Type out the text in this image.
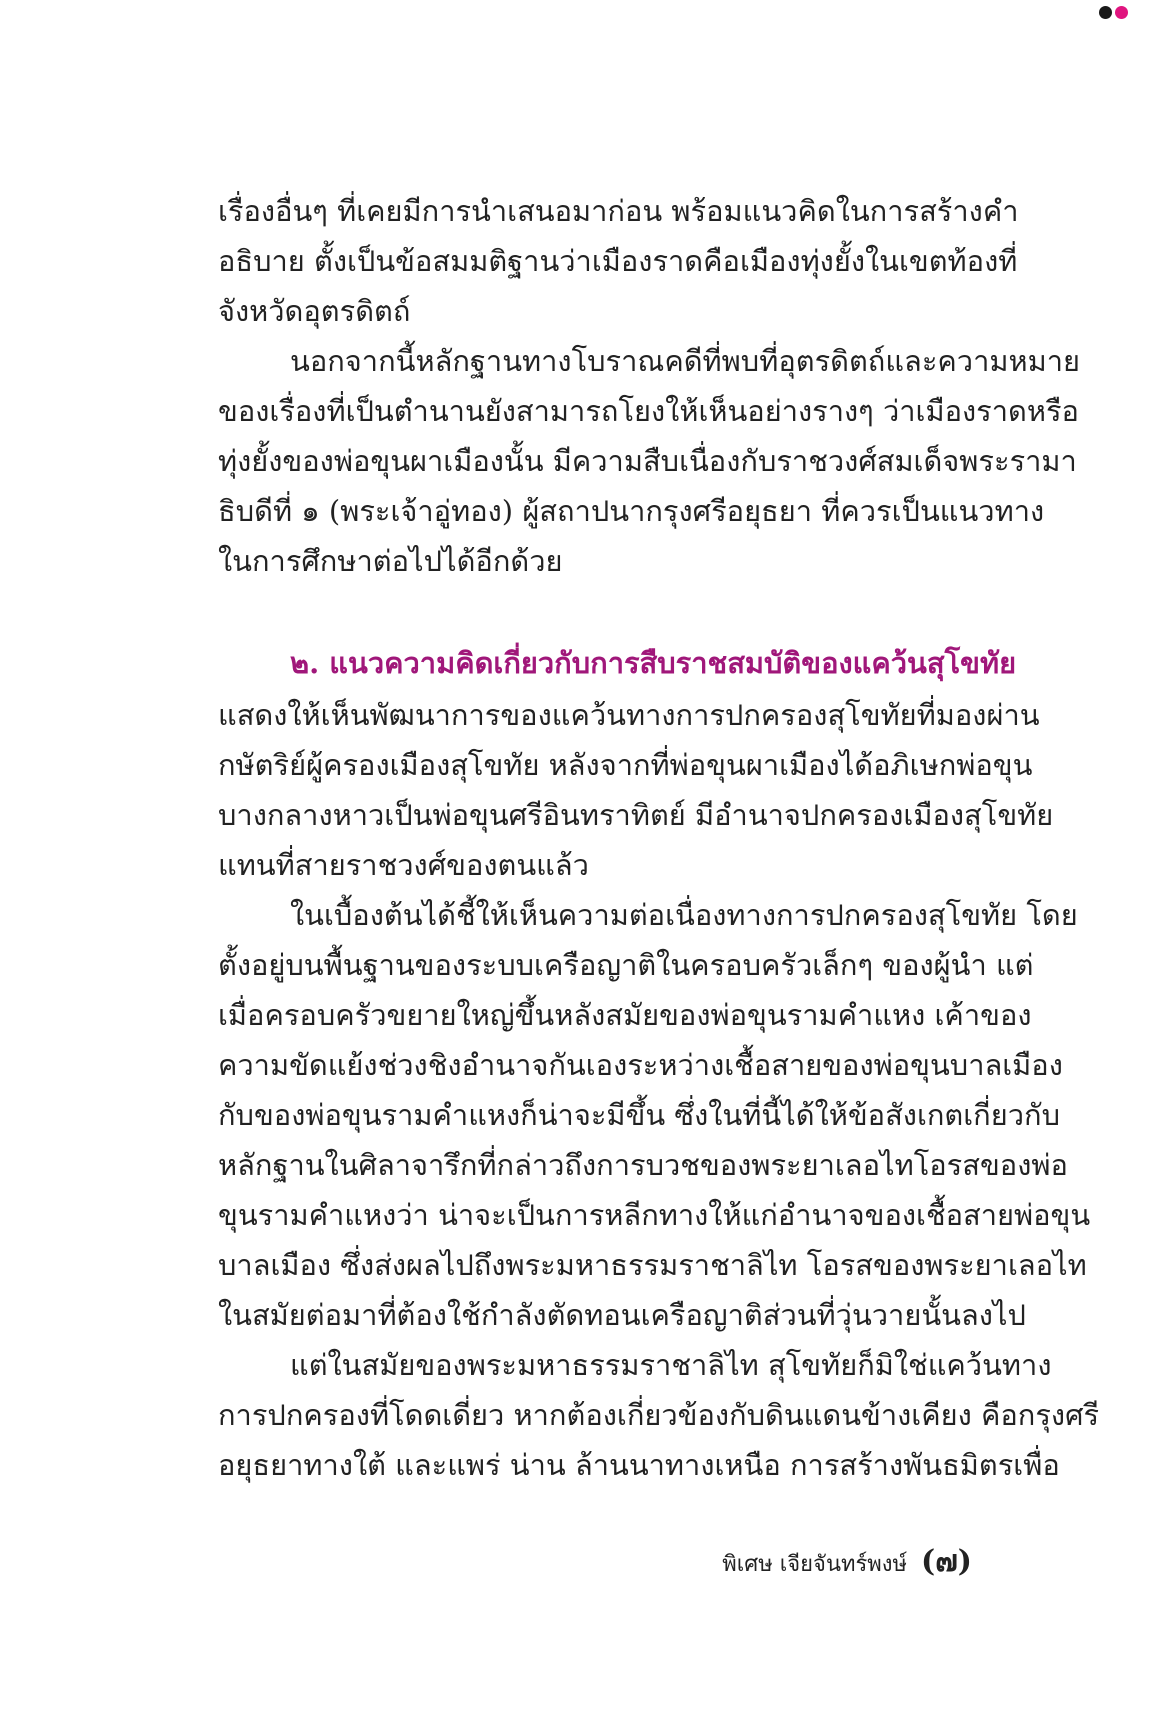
เรื่องอื่นๆ ที่เคยมีการนำเสนอมาก่อน พร้อมแนวคิดในการสร้างคำ
อธิบาย ตั้งเป็นข้อสมมติฐานว่าเมืองราดคือเมืองทุ่งยั้งในเขตท้องที่
จังหวัดอุตรดิตถ์
นอกจากนี้หลักฐานทางโบราณคดีที่พบที่อุตรดิตถ์และความหมาย
ของเรื่องที่เป็นตำนานยังสามารถโยงให้เห็นอย่างรางๆ ว่าเมืองราดหรือ
ทุ่งยั้งของพ่อขุนผาเมืองนั้น มีความสืบเนื่องกับราชวงศ์สมเด็จพระรามา
ธิบดีที่ ๑ (พระเจ้าอู่ทอง) ผู้สถาปนากรุงศรีอยุธยา ที่ควรเป็นแนวทาง
ในการศึกษาต่อไปได้อีกด้วย
๒. แนวความคิดเกี่ยวกับการสืบราชสมบัติของแคว้นสุโขทัย
แสดงให้เห็นพัฒนาการของแคว้นทางการปกครองสุโขทัยที่มองผ่าน
กษัตริย์ผู้ครองเมืองสุโขทัย หลังจากที่พ่อขุนผาเมืองได้อภิเษกพ่อขุน
บางกลางหาวเป็นพ่อขุนศรีอินทราทิตย์ มีอำนาจปกครองเมืองสุโขทัย
แทนที่สายราชวงศ์ของตนแล้ว
ในเบื้องต้นได้ชี้ให้เห็นความต่อเนื่องทางการปกครองสุโขทัย โดย
ตั้งอยู่บนพื้นฐานของระบบเครือญาติในครอบครัวเล็กๆ ของผู้นำ แต่
เมื่อครอบครัวขยายใหญ่ขึ้นหลังสมัยของพ่อขุนรามคำแหง เค้าของ
ความขัดแย้งช่วงชิงอำนาจกันเองระหว่างเชื้อสายของพ่อขุนบาลเมือง
กับของพ่อขุนรามคำแหงก็น่าจะมีขึ้น ซึ่งในที่นี้ได้ให้ข้อสังเกตเกี่ยวกับ
หลักฐานในศิลาจารึกที่กล่าวถึงการบวชของพระยาเลอไทโอรสของพ่อ
ขุนรามคำแหงว่า น่าจะเป็นการหลีกทางให้แก่อำนาจของเชื้อสายพ่อขุน
บาลเมือง ซึ่งส่งผลไปถึงพระมหาธรรมราชาลิไท โอรสของพระยาเลอไท
ในสมัยต่อมาที่ต้องใช้กำลังตัดทอนเครือญาติส่วนที่วุ่นวายนั้นลงไป
แต่ในสมัยของพระมหาธรรมราชาลิไท สุโขทัยก็มิใช่แคว้นทาง
การปกครองที่โดดเดี่ยว หากต้องเกี่ยวข้องกับดินแดนข้างเคียง คือกรุงศรี
อยุธยาทางใต้ และแพร่ น่าน ล้านนาทางเหนือ การสร้างพันธมิตรเพื่อ
พิเศษ เจียจันทร์พงษ์ (๗)
